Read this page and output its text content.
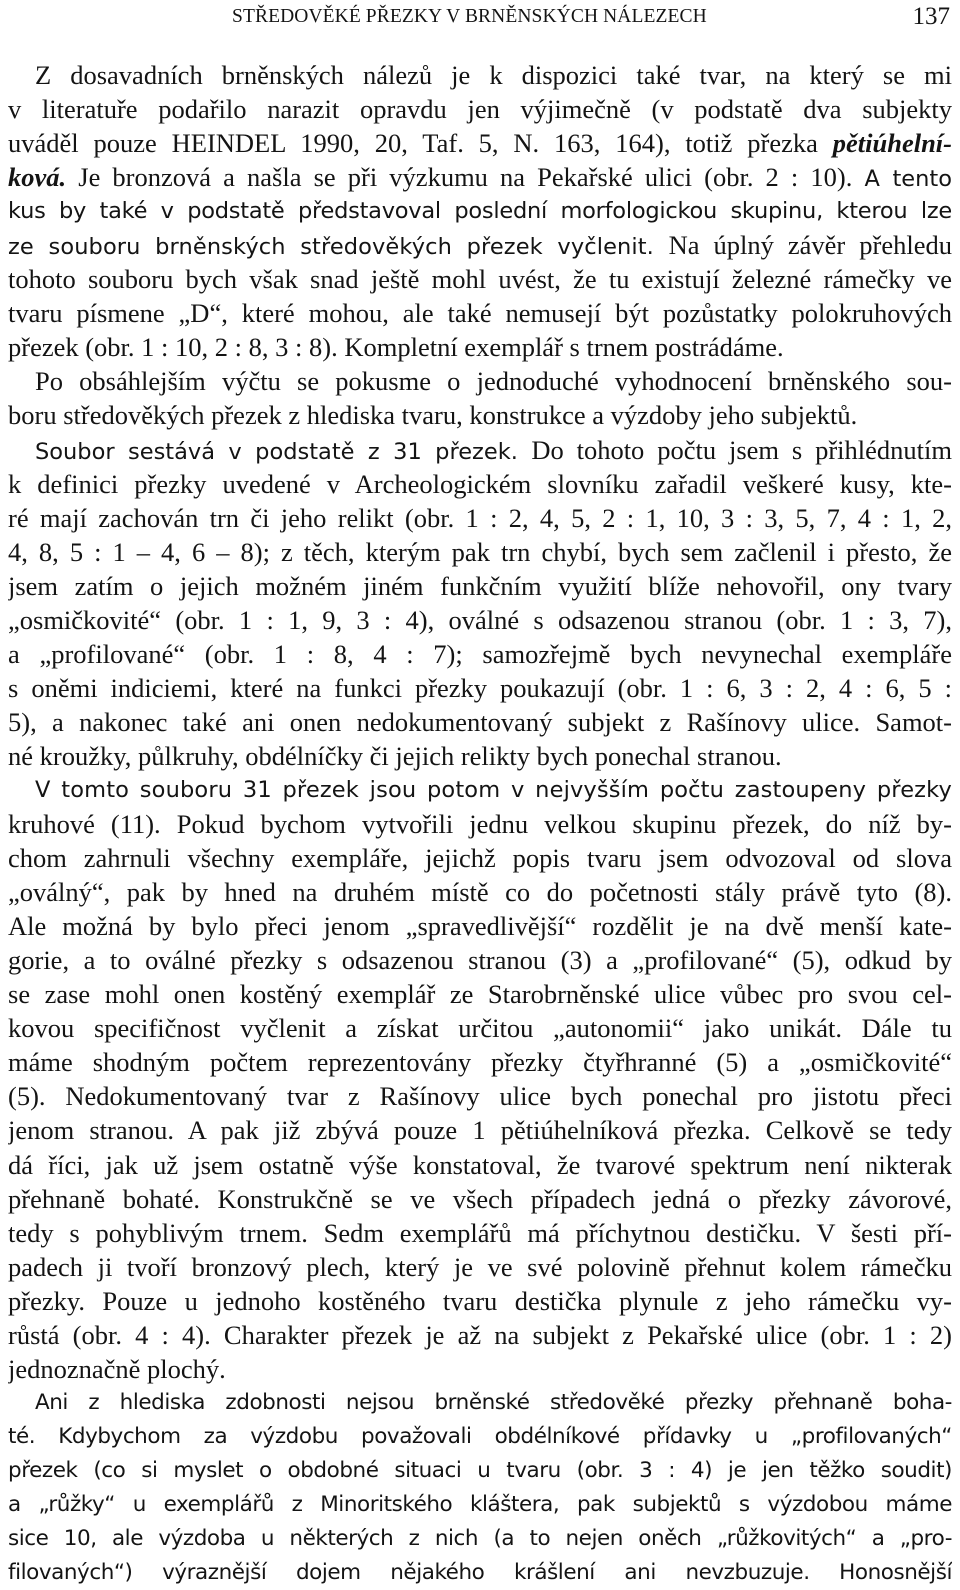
STŘEDOVĚKÉ PŘEZKY V BRNĚNSKÝCH NÁLEZECH	137
Z dosavadních brněnských nálezů je k dispozici také tvar, na který se mi
v literatuře podařilo narazit opravdu jen výjimečně (v podstatě dva subjekty
uváděl pouze HEINDEL 1990, 20, Taf. 5, N. 163, 164), totiž přezka pětiúhelní-
ková. Je bronzová a našla se při výzkumu na Pekařské ulici (obr. 2 : 10). A tento
kus by také v podstatě představoval poslední morfologickou skupinu, kterou lze
ze souboru brněnských středověkých přezek vyčlenit. Na úplný závěr přehledu
tohoto souboru bych však snad ještě mohl uvést, že tu existují železné rámečky ve
tvaru písmene „D“, které mohou, ale také nemusejí být pozůstatky polokruhových
přezek (obr. 1 : 10, 2 : 8, 3 : 8). Kompletní exemplář s trnem postrádáme.
Po obsáhlejším výčtu se pokusme o jednoduché vyhodnocení brněnského sou-
boru středověkých přezek z hlediska tvaru, konstrukce a výzdoby jeho subjektů.
Soubor sestává v podstatě z 31 přezek. Do tohoto počtu jsem s přihlédnutím
k definici přezky uvedené v Archeologickém slovníku zařadil veškeré kusy, kte-
ré mají zachován trn či jeho relikt (obr. 1 : 2, 4, 5, 2 : 1, 10, 3 : 3, 5, 7, 4 : 1, 2,
4, 8, 5 : 1 – 4, 6 – 8); z těch, kterým pak trn chybí, bych sem začlenil i přesto, že
jsem zatím o jejich možném jiném funkčním využití blíže nehovořil, ony tvary
„osmičkovité“ (obr. 1 : 1, 9, 3 : 4), oválné s odsazenou stranou (obr. 1 : 3, 7),
a „profilované“ (obr. 1 : 8, 4 : 7); samozřejmě bych nevynechal exempláře
s oněmi indiciemi, které na funkci přezky poukazují (obr. 1 : 6, 3 : 2, 4 : 6, 5 :
5), a nakonec také ani onen nedokumentovaný subjekt z Rašínovy ulice. Samot-
né kroužky, půlkruhy, obdélníčky či jejich relikty bych ponechal stranou.
V tomto souboru 31 přezek jsou potom v nejvyšším počtu zastoupeny přezky
kruhové (11). Pokud bychom vytvořili jednu velkou skupinu přezek, do níž by-
chom zahrnuli všechny exempláře, jejichž popis tvaru jsem odvozoval od slova
„oválný“, pak by hned na druhém místě co do početnosti stály právě tyto (8).
Ale možná by bylo přeci jenom „spravedlivější“ rozdělit je na dvě menší kate-
gorie, a to oválné přezky s odsazenou stranou (3) a „profilované“ (5), odkud by
se zase mohl onen kostěný exemplář ze Starobrněnské ulice vůbec pro svou cel-
kovou specifičnost vyčlenit a získat určitou „autonomii“ jako unikát. Dále tu
máme shodným počtem reprezentovány přezky čtyřhranné (5) a „osmičkovité“
(5). Nedokumentovaný tvar z Rašínovy ulice bych ponechal pro jistotu přeci
jenom stranou. A pak již zbývá pouze 1 pětiúhelníková přezka. Celkově se tedy
dá říci, jak už jsem ostatně výše konstatoval, že tvarové spektrum není nikterak
přehnaně bohaté. Konstrukčně se ve všech případech jedná o přezky závorové,
tedy s pohyblivým trnem. Sedm exemplářů má příchytnou destičku. V šesti pří-
padech ji tvoří bronzový plech, který je ve své polovině přehnut kolem rámečku
přezky. Pouze u jednoho kostěného tvaru destička plynule z jeho rámečku vy-
růstá (obr. 4 : 4). Charakter přezek je až na subjekt z Pekařské ulice (obr. 1 : 2)
jednoznačně plochý.
Ani z hlediska zdobnosti nejsou brněnské středověké přezky přehnaně boha-
té. Kdybychom za výzdobu považovali obdélníkové přídavky u „profilovaných“
přezek (co si myslet o obdobné situaci u tvaru (obr. 3 : 4) je jen těžko soudit)
a „růžky“ u exemplářů z Minoritského kláštera, pak subjektů s výzdobou máme
sice 10, ale výzdoba u některých z nich (a to nejen oněch „růžkovitých“ a „pro-
filovaných“) výraznější dojem nějakého krášlení ani nevzbuzuje. Honosnější
